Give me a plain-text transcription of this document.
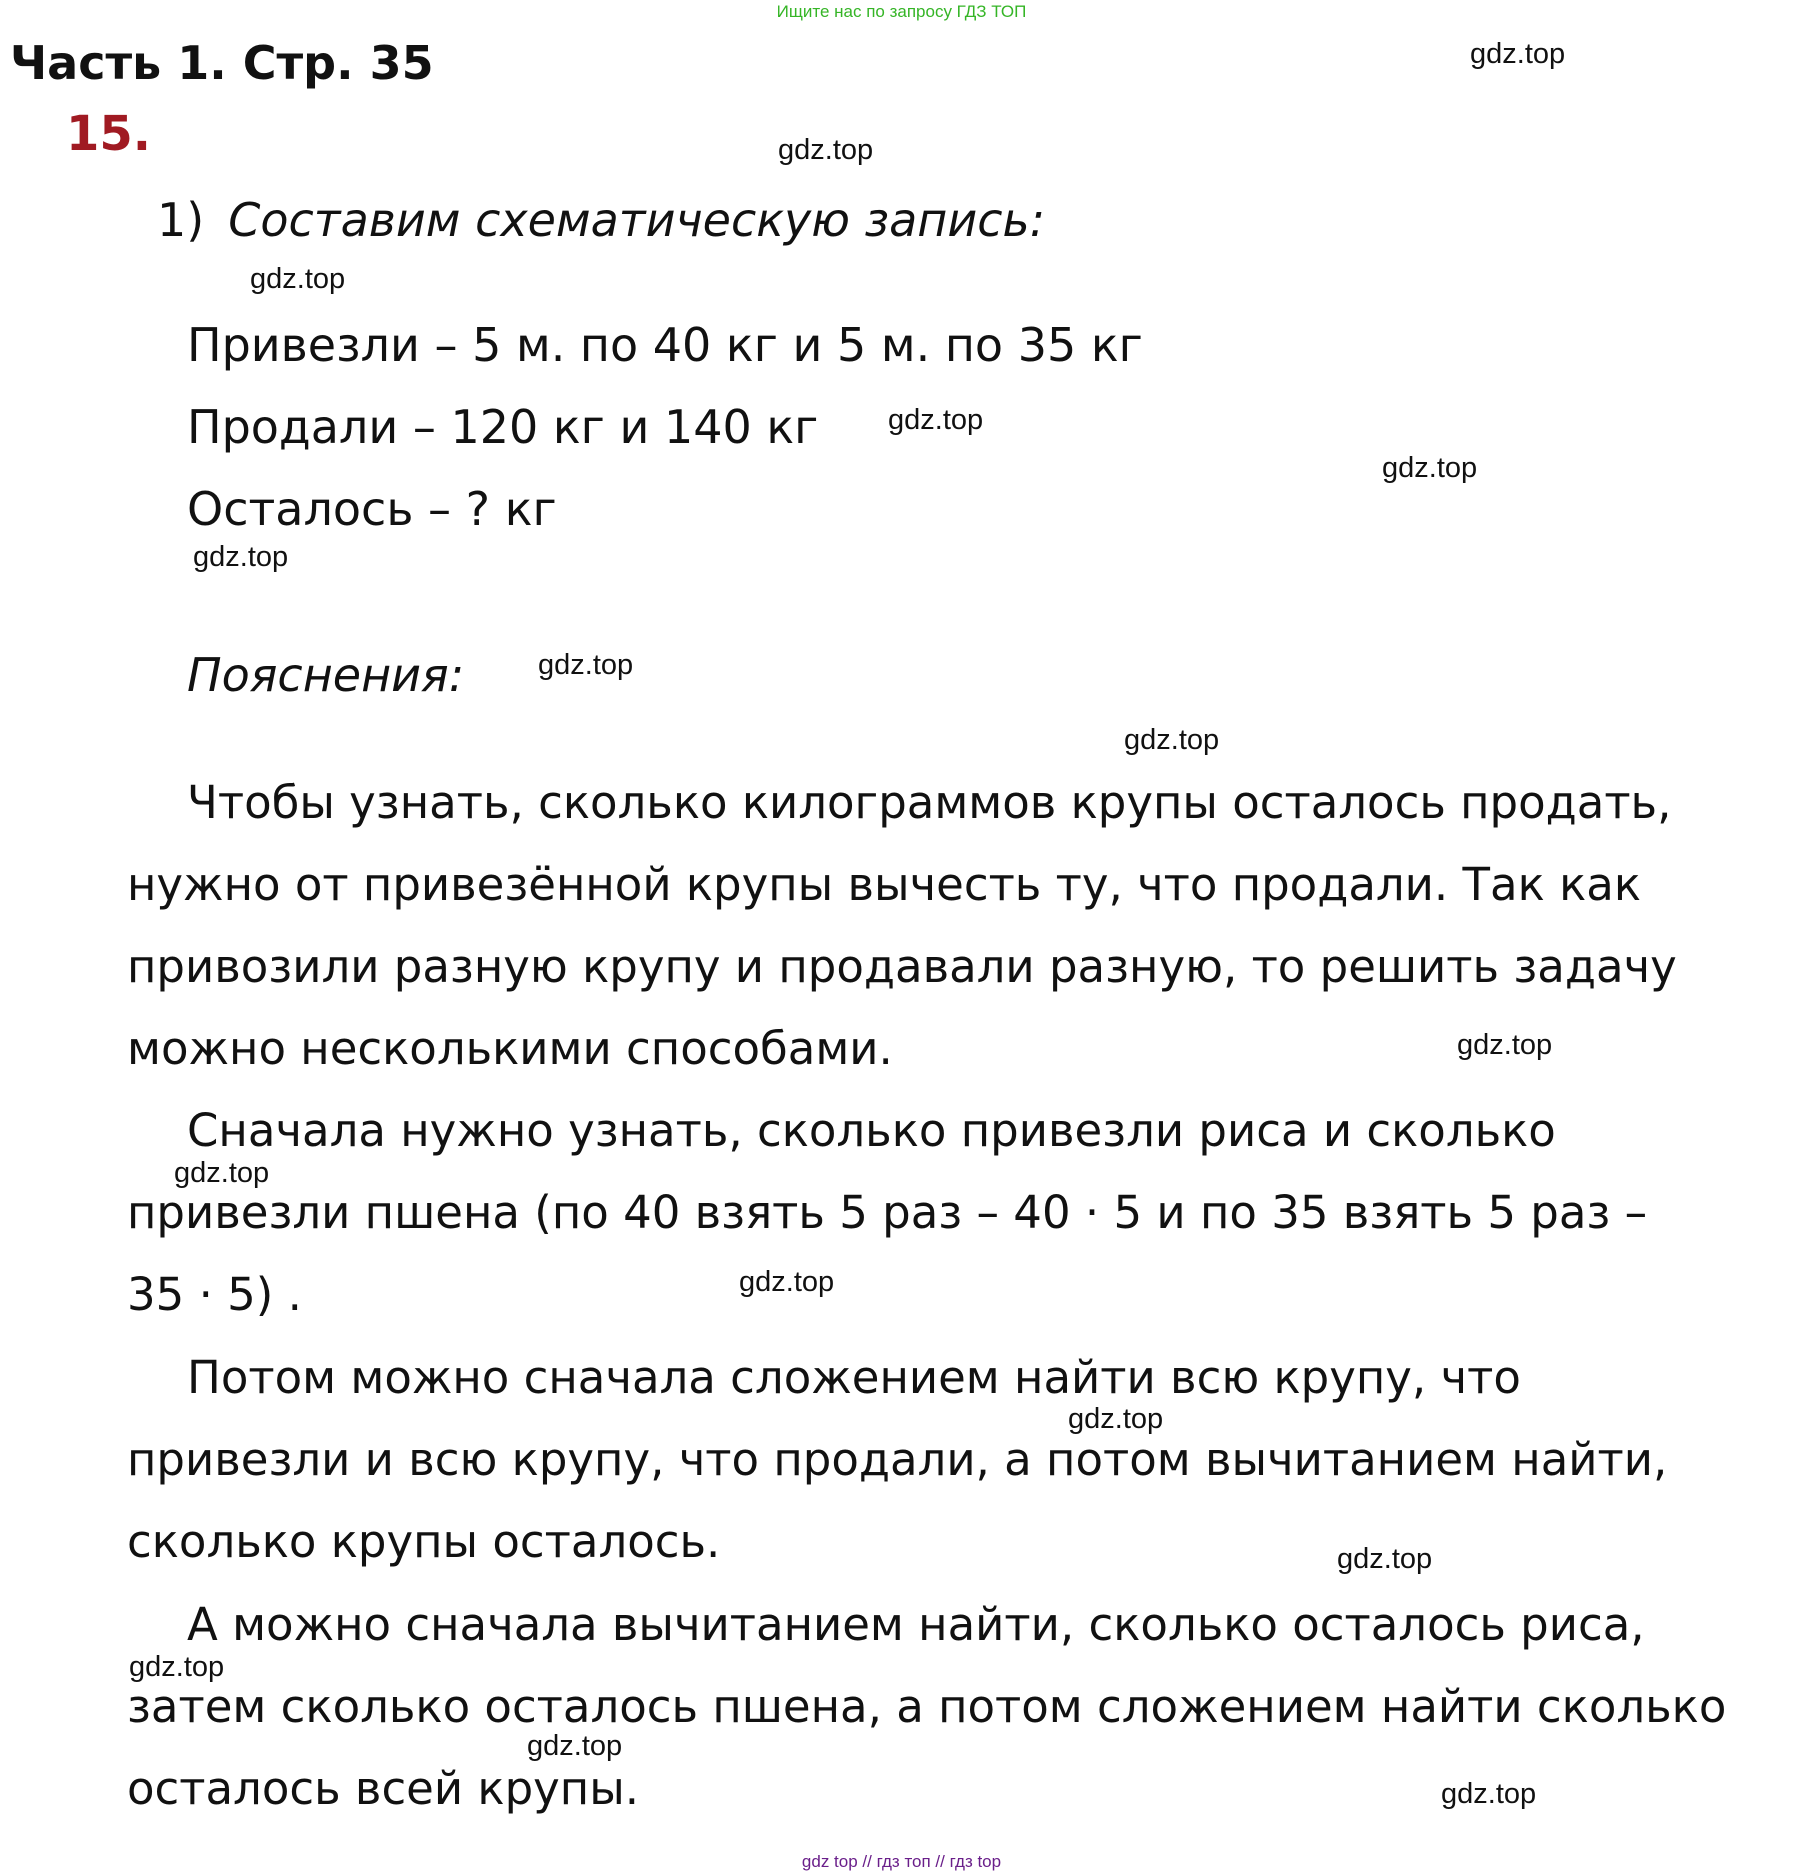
Ищите нас по запросу ГДЗ ТОП
Часть 1. Стр. 35
15.
1) Составим схематическую запись:
Привезли – 5 м. по 40 кг и 5 м. по 35 кг
Продали – 120 кг и 140 кг
Осталось – ? кг
Пояснения:
Чтобы узнать, сколько килограммов крупы осталось продать,
нужно от привезённой крупы вычесть ту, что продали. Так как
привозили разную крупу и продавали разную, то решить задачу
можно несколькими способами.
Сначала нужно узнать, сколько привезли риса и сколько
привезли пшена (по 40 взять 5 раз – 40 · 5 и по 35 взять 5 раз –
35 · 5) .
Потом можно сначала сложением найти всю крупу, что
привезли и всю крупу, что продали, а потом вычитанием найти,
сколько крупы осталось.
А можно сначала вычитанием найти, сколько осталось риса,
затем сколько осталось пшена, а потом сложением найти сколько
осталось всей крупы.
gdz.top
gdz.top
gdz.top
gdz.top
gdz.top
gdz.top
gdz.top
gdz.top
gdz.top
gdz.top
gdz.top
gdz.top
gdz.top
gdz.top
gdz.top
gdz.top
gdz top // гдз топ // гдз top
